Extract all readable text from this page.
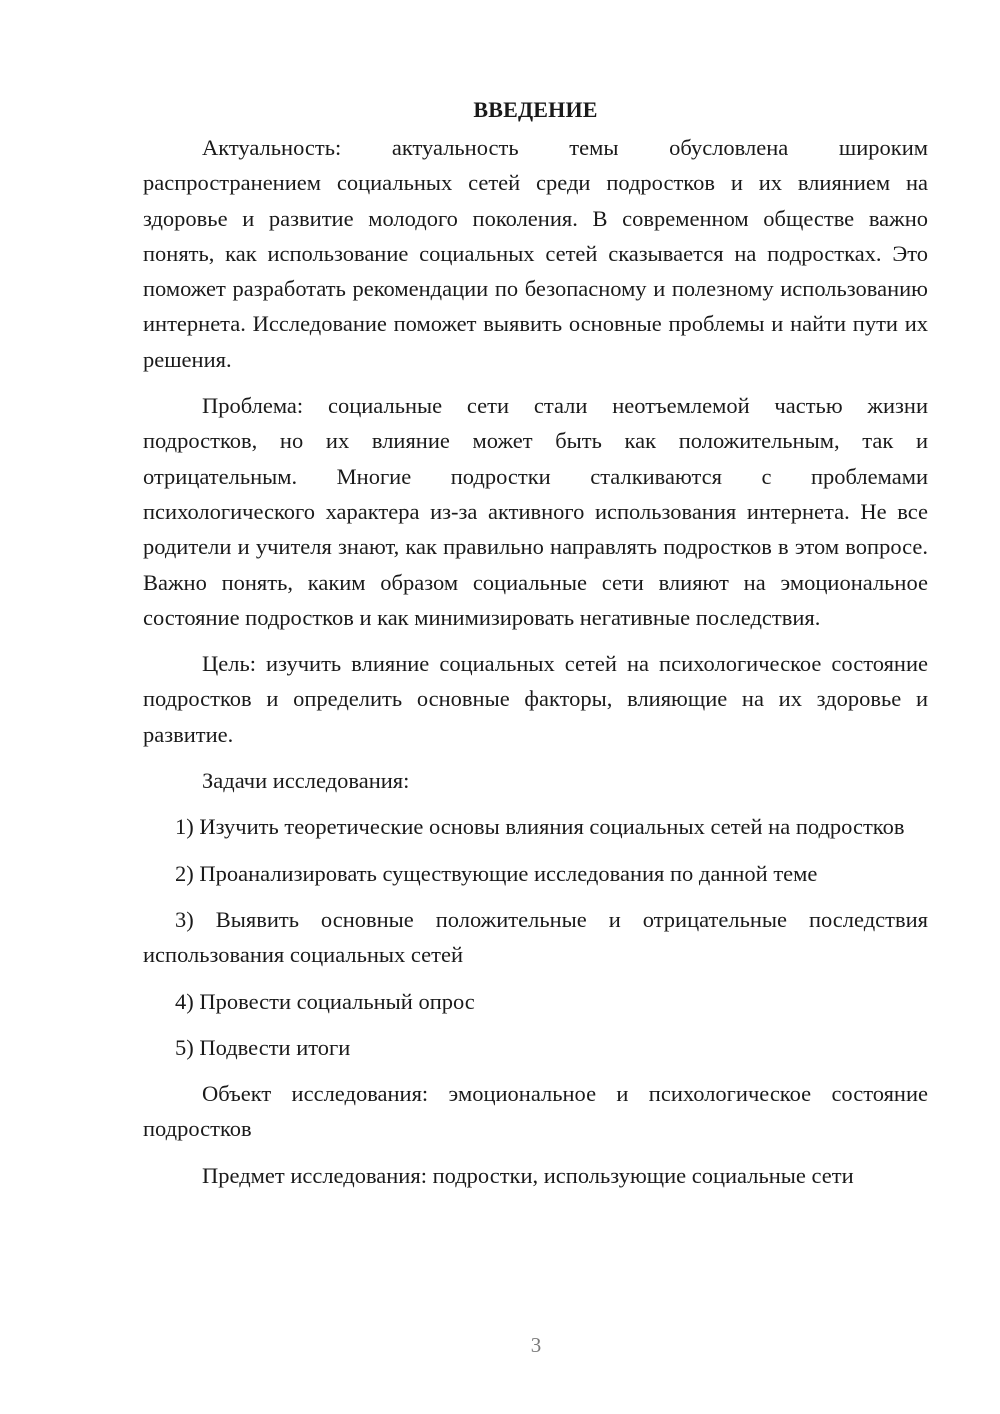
ВВЕДЕНИЕ

Актуальность: актуальность темы обусловлена широким распространением социальных сетей среди подростков и их влиянием на здоровье и развитие молодого поколения. В современном обществе важно понять, как использование социальных сетей сказывается на подростках. Это поможет разработать рекомендации по безопасному и полезному использованию интернета. Исследование поможет выявить основные проблемы и найти пути их решения.

Проблема: социальные сети стали неотъемлемой частью жизни подростков, но их влияние может быть как положительным, так и отрицательным. Многие подростки сталкиваются с проблемами психологического характера из-за активного использования интернета. Не все родители и учителя знают, как правильно направлять подростков в этом вопросе. Важно понять, каким образом социальные сети влияют на эмоциональное состояние подростков и как минимизировать негативные последствия.

Цель: изучить влияние социальных сетей на психологическое состояние подростков и определить основные факторы, влияющие на их здоровье и развитие.

Задачи исследования:

1) Изучить теоретические основы влияния социальных сетей на подростков

2) Проанализировать существующие исследования по данной теме

3) Выявить основные положительные и отрицательные последствия использования социальных сетей

4) Провести социальный опрос

5) Подвести итоги

Объект исследования: эмоциональное и психологическое состояние подростков

Предмет исследования: подростки, использующие социальные сети

3
